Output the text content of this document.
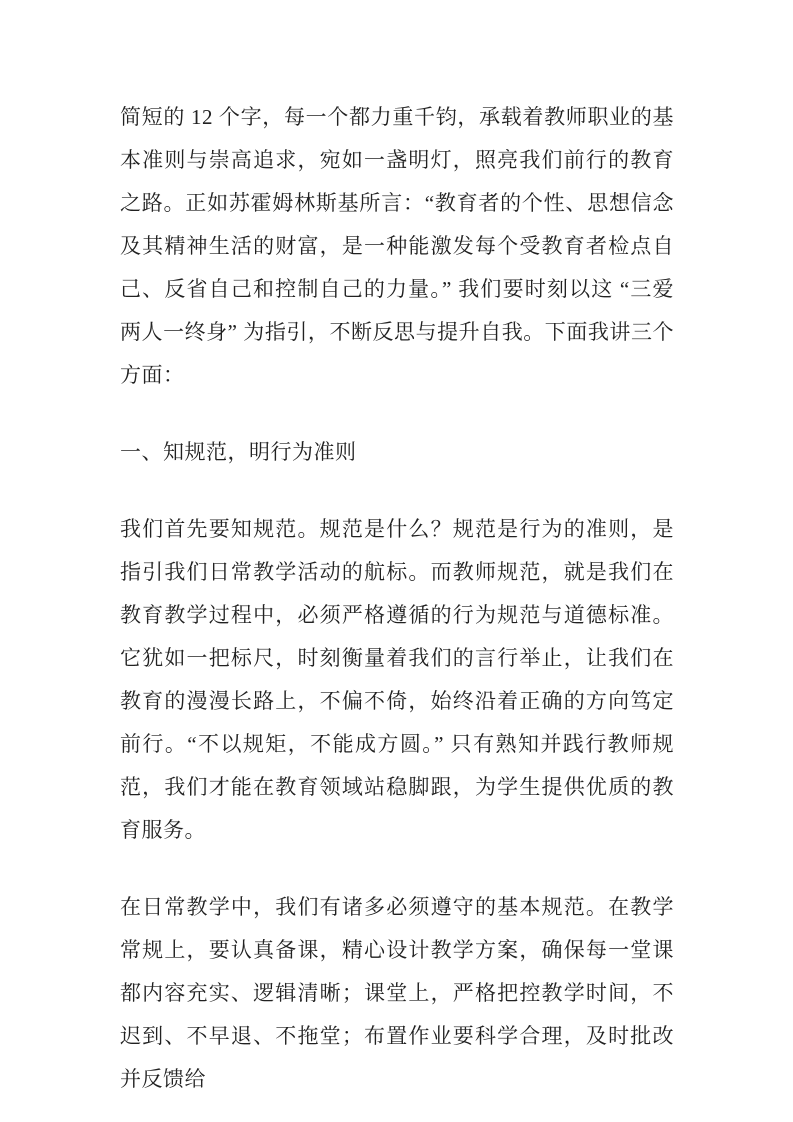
简短的 12 个字，每一个都力重千钧，承载着教师职业的基本准则与崇高追求，宛如一盏明灯，照亮我们前行的教育之路。正如苏霍姆林斯基所言：“教育者的个性、思想信念及其精神生活的财富，是一种能激发每个受教育者检点自己、反省自己和控制自己的力量。” 我们要时刻以这 “三爱两人一终身” 为指引，不断反思与提升自我。下面我讲三个方面：

一、知规范，明行为准则

我们首先要知规范。规范是什么？规范是行为的准则，是指引我们日常教学活动的航标。而教师规范，就是我们在教育教学过程中，必须严格遵循的行为规范与道德标准。它犹如一把标尺，时刻衡量着我们的言行举止，让我们在教育的漫漫长路上，不偏不倚，始终沿着正确的方向笃定前行。“不以规矩，不能成方圆。” 只有熟知并践行教师规范，我们才能在教育领域站稳脚跟，为学生提供优质的教育服务。

在日常教学中，我们有诸多必须遵守的基本规范。在教学常规上，要认真备课，精心设计教学方案，确保每一堂课都内容充实、逻辑清晰；课堂上，严格把控教学时间，不迟到、不早退、不拖堂；布置作业要科学合理，及时批改并反馈给
